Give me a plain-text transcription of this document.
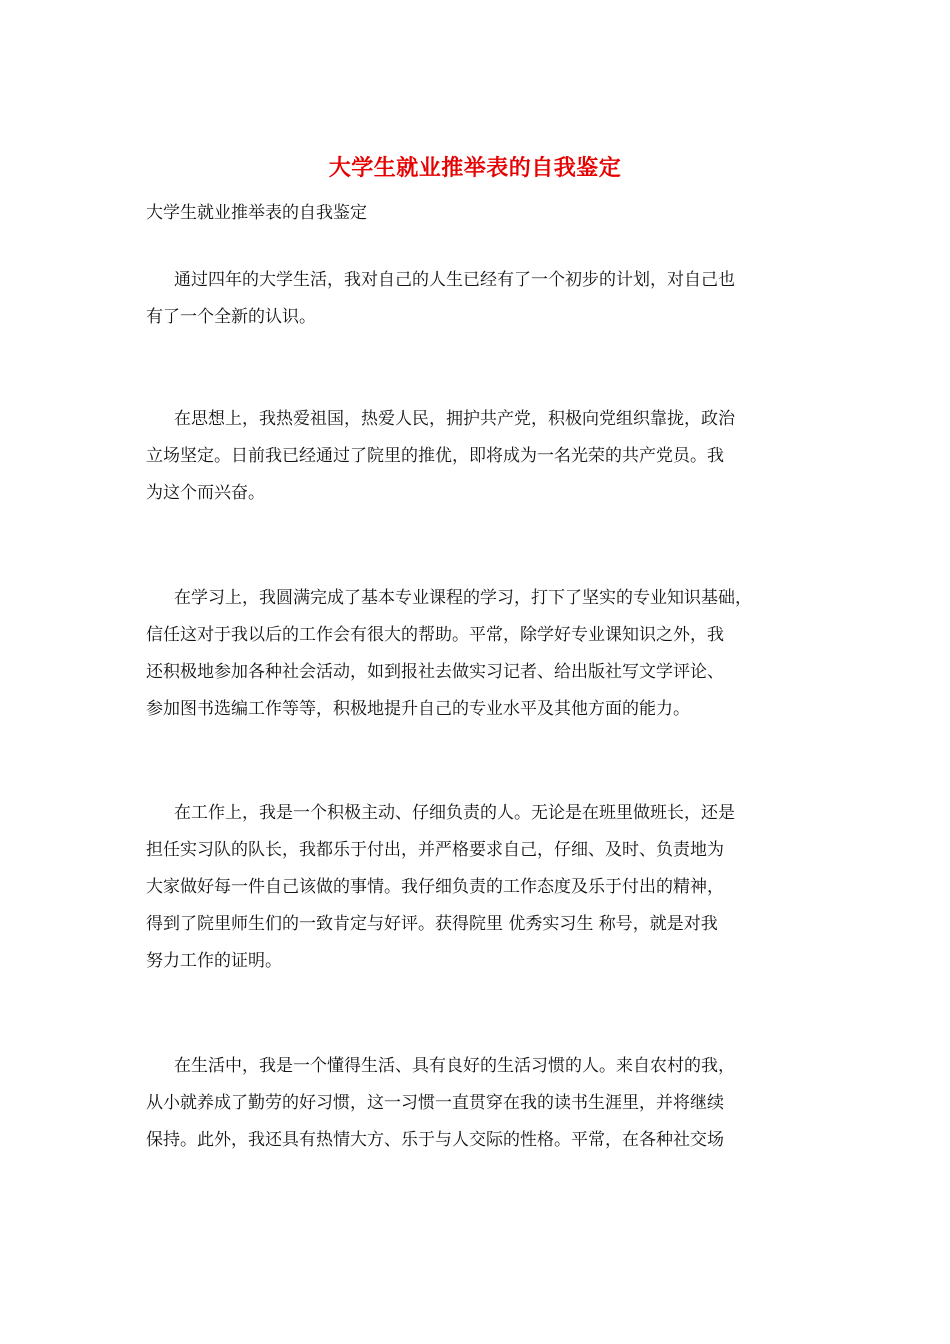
大学生就业推举表的自我鉴定
大学生就业推举表的自我鉴定
通过四年的大学生活，我对自己的人生已经有了一个初步的计划，对自己也
有了一个全新的认识。
在思想上，我热爱祖国，热爱人民，拥护共产党，积极向党组织靠拢，政治
立场坚定。日前我已经通过了院里的推优，即将成为一名光荣的共产党员。我
为这个而兴奋。
在学习上，我圆满完成了基本专业课程的学习，打下了坚实的专业知识基础，
信任这对于我以后的工作会有很大的帮助。平常，除学好专业课知识之外，我
还积极地参加各种社会活动，如到报社去做实习记者、给出版社写文学评论、
参加图书选编工作等等，积极地提升自己的专业水平及其他方面的能力。
在工作上，我是一个积极主动、仔细负责的人。无论是在班里做班长，还是
担任实习队的队长，我都乐于付出，并严格要求自己，仔细、及时、负责地为
大家做好每一件自己该做的事情。我仔细负责的工作态度及乐于付出的精神，
得到了院里师生们的一致肯定与好评。获得院里 优秀实习生 称号，就是对我
努力工作的证明。
在生活中，我是一个懂得生活、具有良好的生活习惯的人。来自农村的我，
从小就养成了勤劳的好习惯，这一习惯一直贯穿在我的读书生涯里，并将继续
保持。此外，我还具有热情大方、乐于与人交际的性格。平常，在各种社交场
